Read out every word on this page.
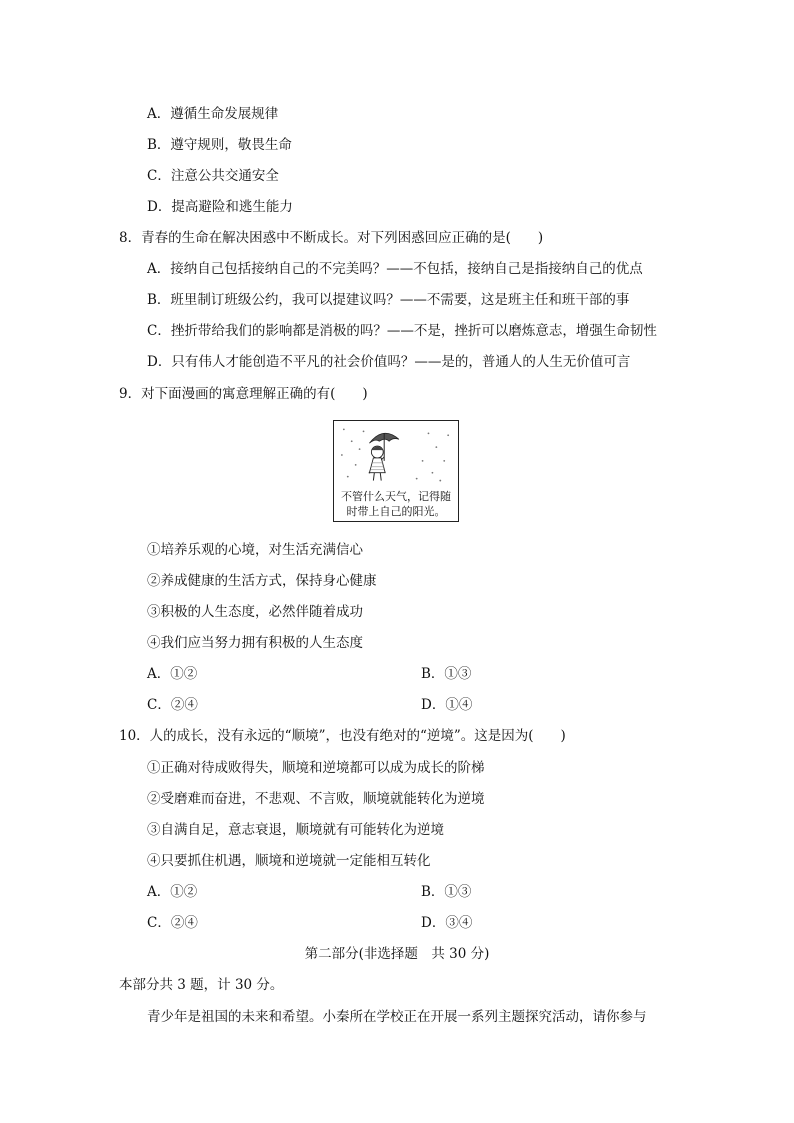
A．遵循生命发展规律
B．遵守规则，敬畏生命
C．注意公共交通安全
D．提高避险和逃生能力
8．青春的生命在解决困惑中不断成长。对下列困惑回应正确的是(　　)
A．接纳自己包括接纳自己的不完美吗？——不包括，接纳自己是指接纳自己的优点
B．班里制订班级公约，我可以提建议吗？——不需要，这是班主任和班干部的事
C．挫折带给我们的影响都是消极的吗？——不是，挫折可以磨炼意志，增强生命韧性
D．只有伟人才能创造不平凡的社会价值吗？——是的，普通人的人生无价值可言
9．对下面漫画的寓意理解正确的有(　　)
不管什么天气，记得随
时带上自己的阳光。
①培养乐观的心境，对生活充满信心
②养成健康的生活方式，保持身心健康
③积极的人生态度，必然伴随着成功
④我们应当努力拥有积极的人生态度
A．①②	B．①③
C．②④	D．①④
10．人的成长，没有永远的“顺境”，也没有绝对的“逆境”。这是因为(　　)
①正确对待成败得失，顺境和逆境都可以成为成长的阶梯
②受磨难而奋进，不悲观、不言败，顺境就能转化为逆境
③自满自足，意志衰退，顺境就有可能转化为逆境
④只要抓住机遇，顺境和逆境就一定能相互转化
A．①②	B．①③
C．②④	D．③④
第二部分(非选择题　共 30 分)
本部分共 3 题，计 30 分。
青少年是祖国的未来和希望。小秦所在学校正在开展一系列主题探究活动，请你参与
